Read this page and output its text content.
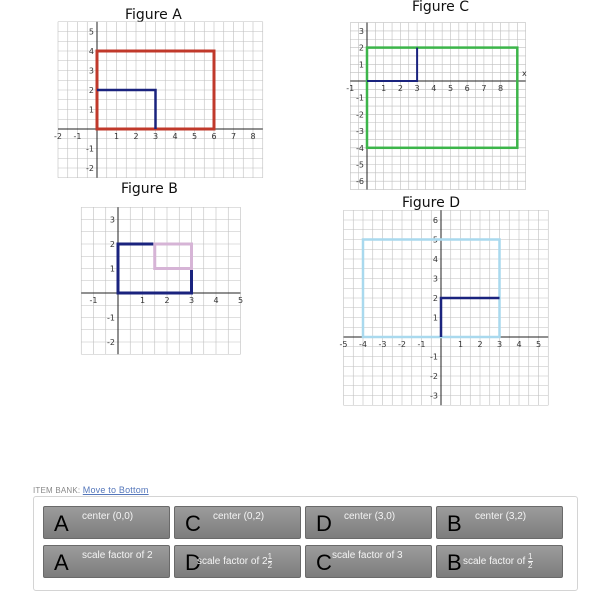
Figure A	Figure C
Figure B
Figure D
-2 -1	1 2 3 4 5 6 7 8
-2
-1
1
2
3
4
5
-1	1 2 3 4 5 6 7 8
-6
-5
-4
-3
-2
-1
1
2
3
x
-1	1 2 3 4 5
-2
-1
1
2
3
-5 -4 -3 -2 -1	1 2 3 4 5
-3
-2
-1
1
2
3
4
5
6
ITEM BANK: Move to Bottom
A center (0,0) C center (0,2) D center (3,0) B center (3,2)
A scale factor of 2 D
scale factor of $2\frac{1}{2}$ C scale factor of 3 B scale factor of $\frac{1}{2}$
